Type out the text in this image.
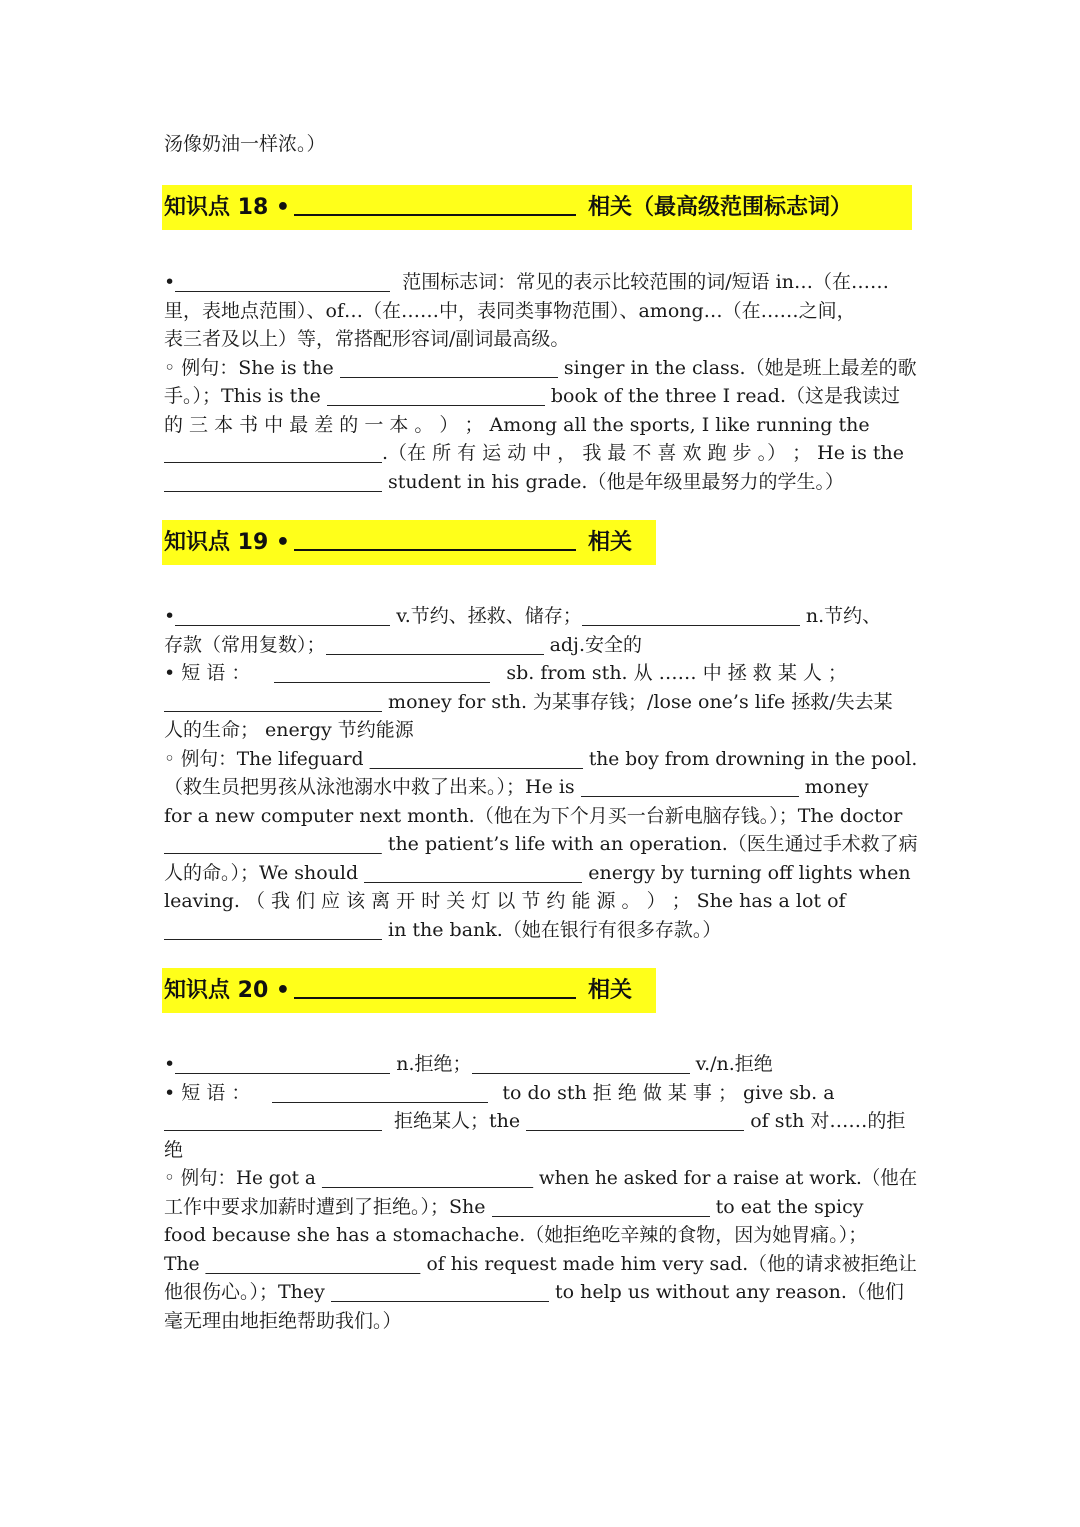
汤像奶油一样浓。）
知识点 18 •	相关（最高级范围标志词）
•	范围标志词：常见的表示比较范围的词/短语 in…（在……
里，表地点范围）、of…（在……中，表同类事物范围）、among…（在……之间，
表三者及以上）等，常搭配形容词/副词最高级。
◦ 例句：She is the	singer in the class.（她是班上最差的歌
手。）；This is the	book of the three I read.（这是我读过
的 三 本 书 中 最 差 的 一 本 。 ） ； Among all the sports, I like running the
.（在 所 有 运 动 中 ， 我 最 不 喜 欢 跑 步 。） ； He is the
student in his grade.（他是年级里最努力的学生。）
知识点 19 •	相关
•	v.节约、拯救、储存；	n.节约、
存款（常用复数）；	adj.安全的
• 短 语 ：	sb. from sth. 从 …… 中 拯 救 某 人 ；
money for sth. 为某事存钱；/lose one’s life 拯救/失去某
人的生命； energy 节约能源
◦ 例句：The lifeguard	the boy from drowning in the pool.
（救生员把男孩从泳池溺水中救了出来。）；He is	money
for a new computer next month.（他在为下个月买一台新电脑存钱。）；The doctor
the patient’s life with an operation.（医生通过手术救了病
人的命。）；We should	energy by turning off lights when
leaving. （ 我 们 应 该 离 开 时 关 灯 以 节 约 能 源 。 ） ； She has a lot of
in the bank.（她在银行有很多存款。）
知识点 20 •	相关
•	n.拒绝；	v./n.拒绝
• 短 语 ：	to do sth 拒 绝 做 某 事 ； give sb. a
拒绝某人；the	of sth 对……的拒
绝
◦ 例句：He got a	when he asked for a raise at work.（他在
工作中要求加薪时遭到了拒绝。）；She	to eat the spicy
food because she has a stomachache.（她拒绝吃辛辣的食物，因为她胃痛。）；
The	of his request made him very sad.（他的请求被拒绝让
他很伤心。）；They	to help us without any reason.（他们
毫无理由地拒绝帮助我们。）
